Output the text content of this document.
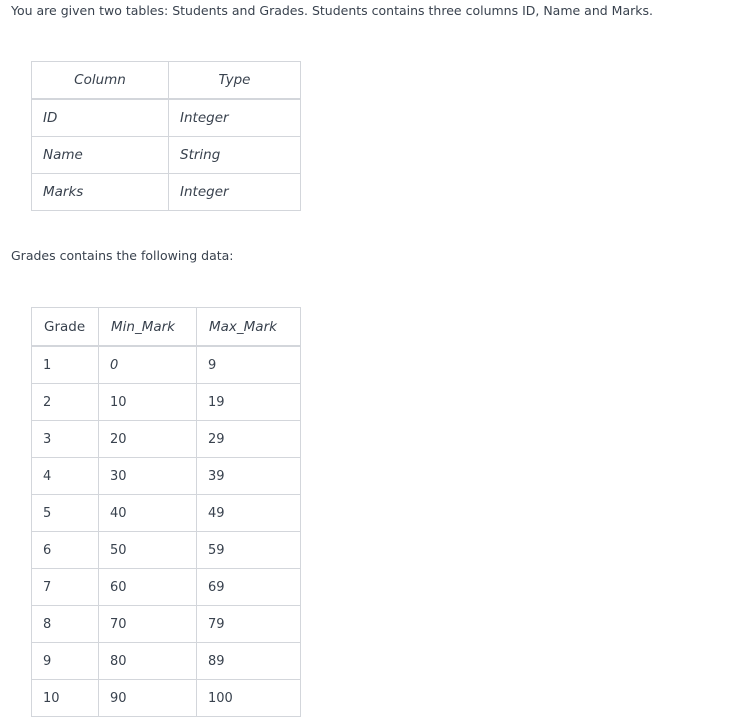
You are given two tables: Students and Grades. Students contains three columns ID, Name and Marks.

Column	Type
ID	Integer
Name	String
Marks	Integer

Grades contains the following data:

Grade	Min_Mark	Max_Mark
1	0	9
2	10	19
3	20	29
4	30	39
5	40	49
6	50	59
7	60	69
8	70	79
9	80	89
10	90	100
